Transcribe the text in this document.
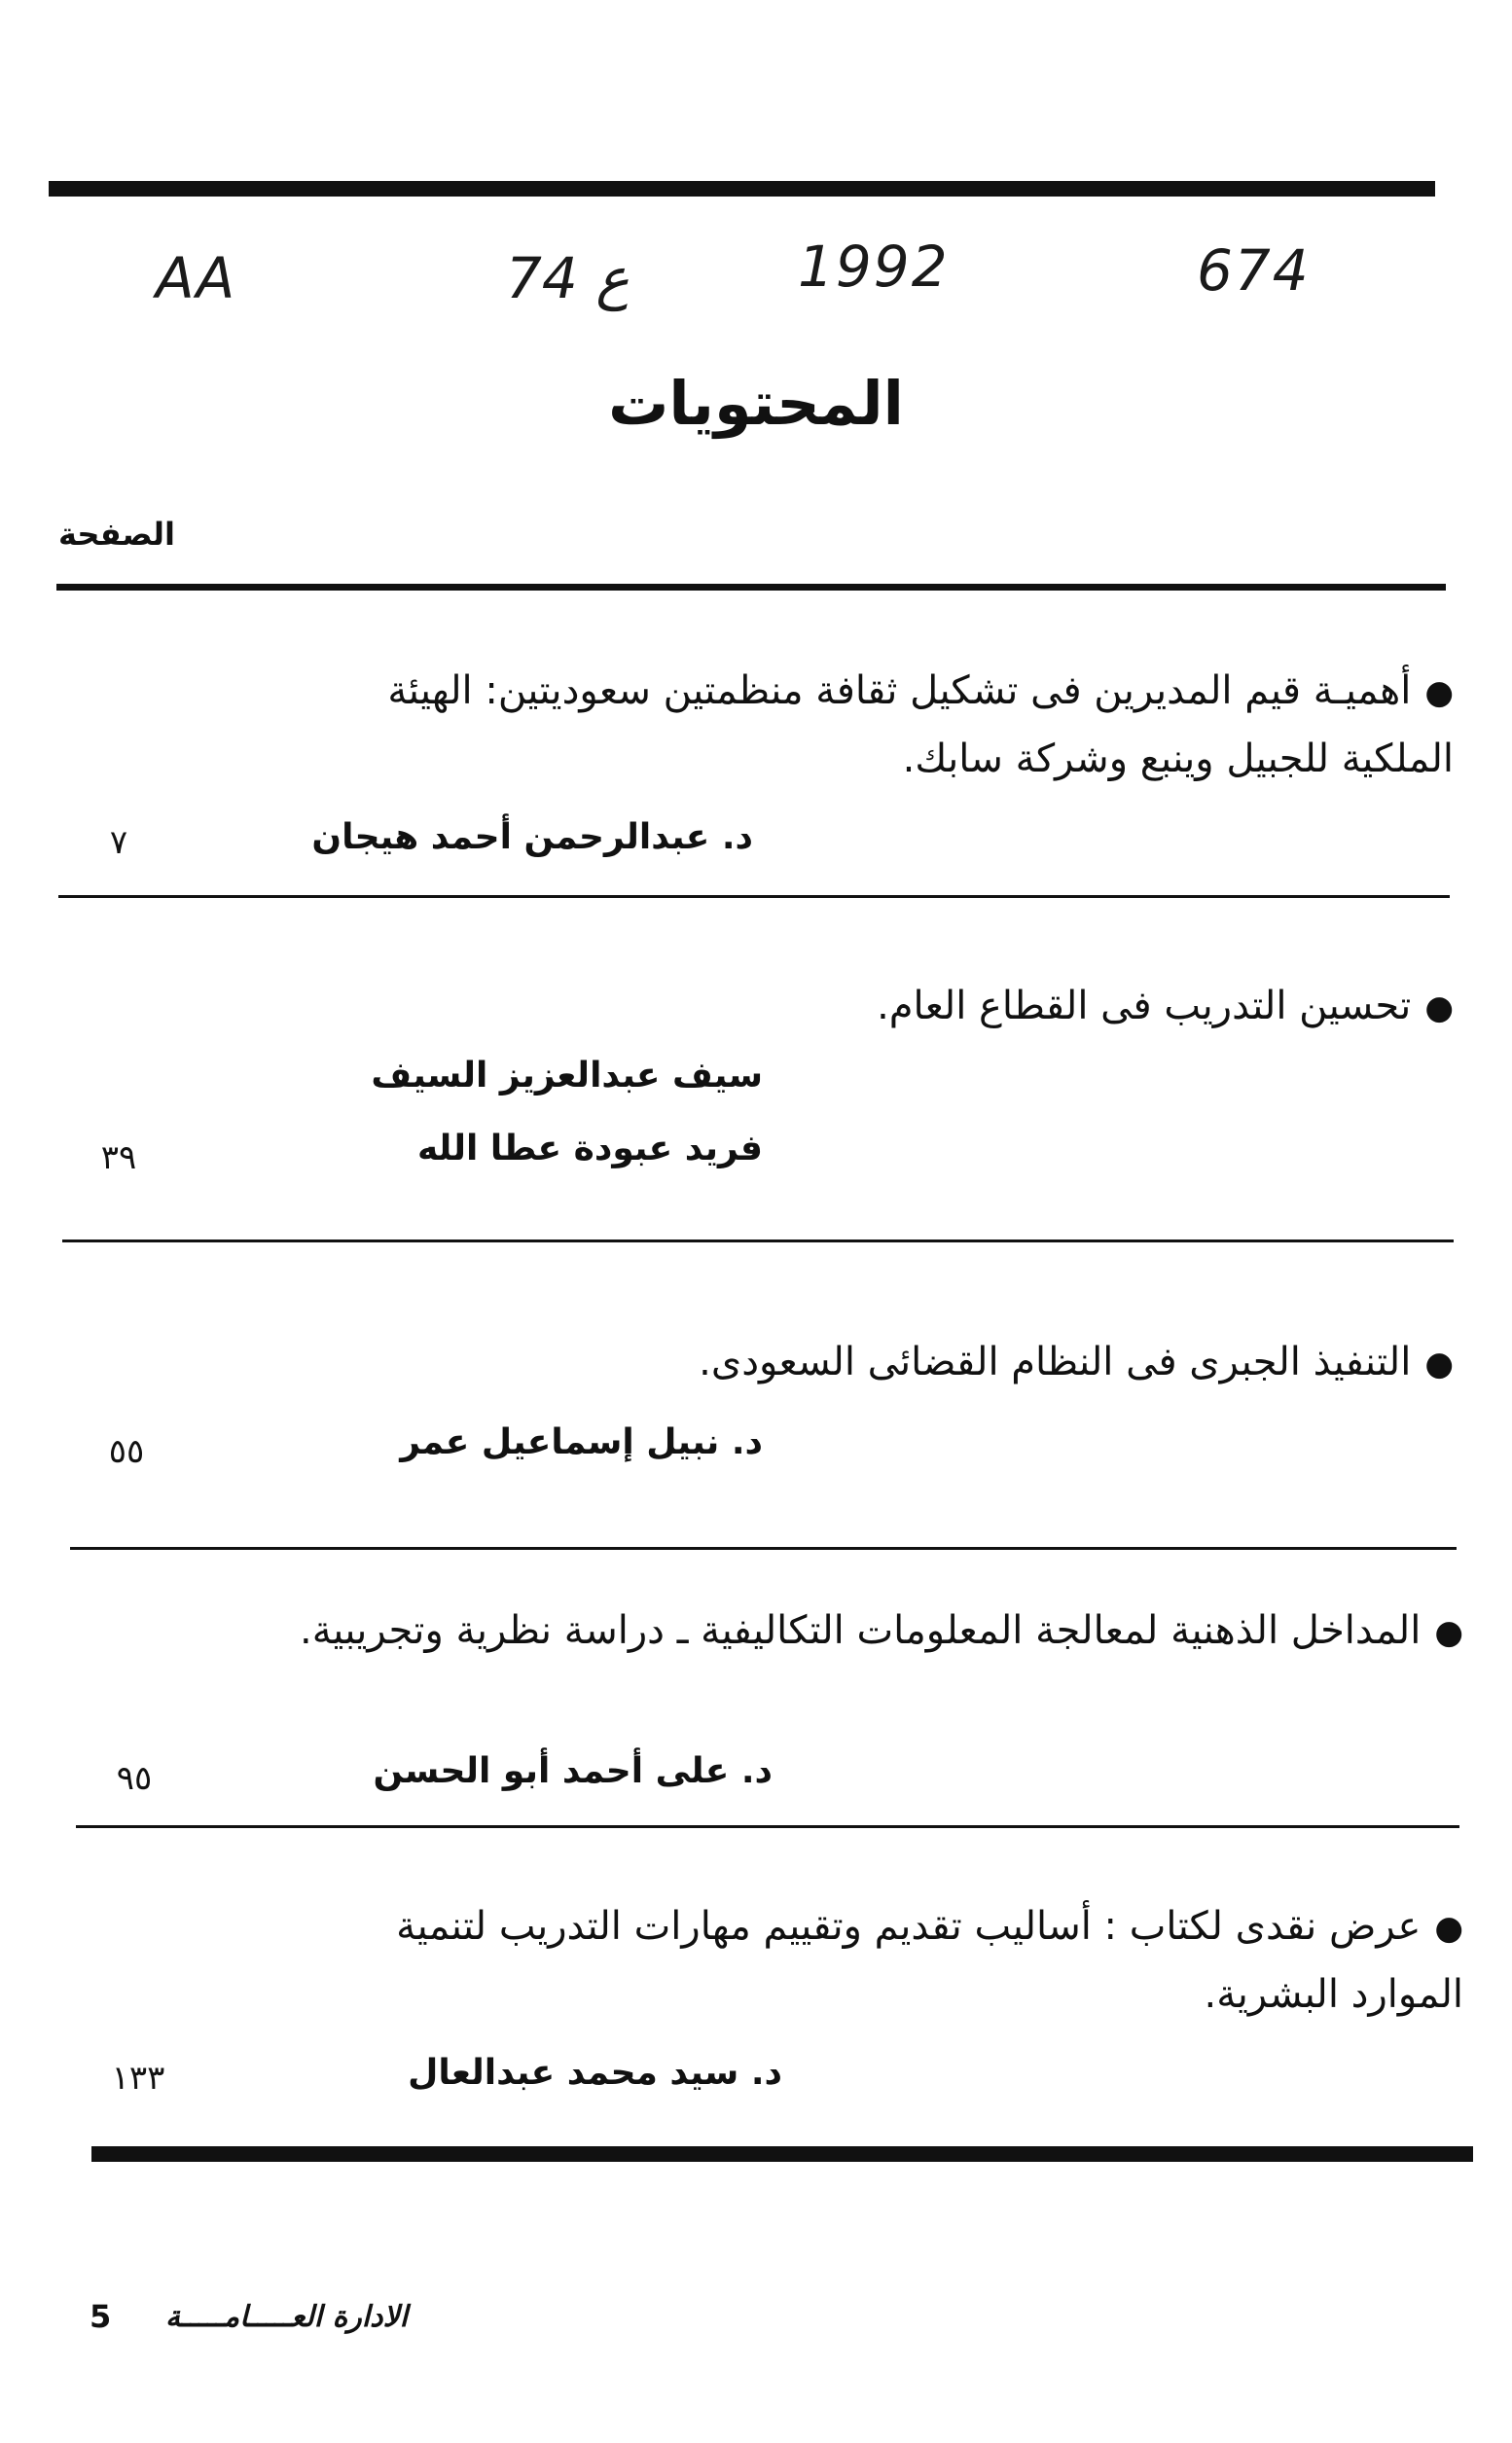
AA	74 ع	1992	674
المحتويات
الصفحة
●أهميـة قيم المديرين فى تشكيل ثقافة منظمتين سعوديتين: الهيئة الملكية للجبيل وينبع وشركة سابك.
د. عبدالرحمن أحمد هيجان
٧
●تحسين التدريب فى القطاع العام.
سيف عبدالعزيز السيف
فريد عبودة عطا الله
٣٩
●التنفيذ الجبرى فى النظام القضائى السعودى.
د. نبيل إسماعيل عمر
٥٥
●المداخل الذهنية لمعالجة المعلومات التكاليفية ـ دراسة نظرية وتجريبية.
د. على أحمد أبو الحسن
٩٥
●عرض نقدى لكتاب : أساليب تقديم وتقييم مهارات التدريب لتنمية الموارد البشرية.
د. سيد محمد عبدالعال
١٣٣
الادارة العـــــامـــــة
5
